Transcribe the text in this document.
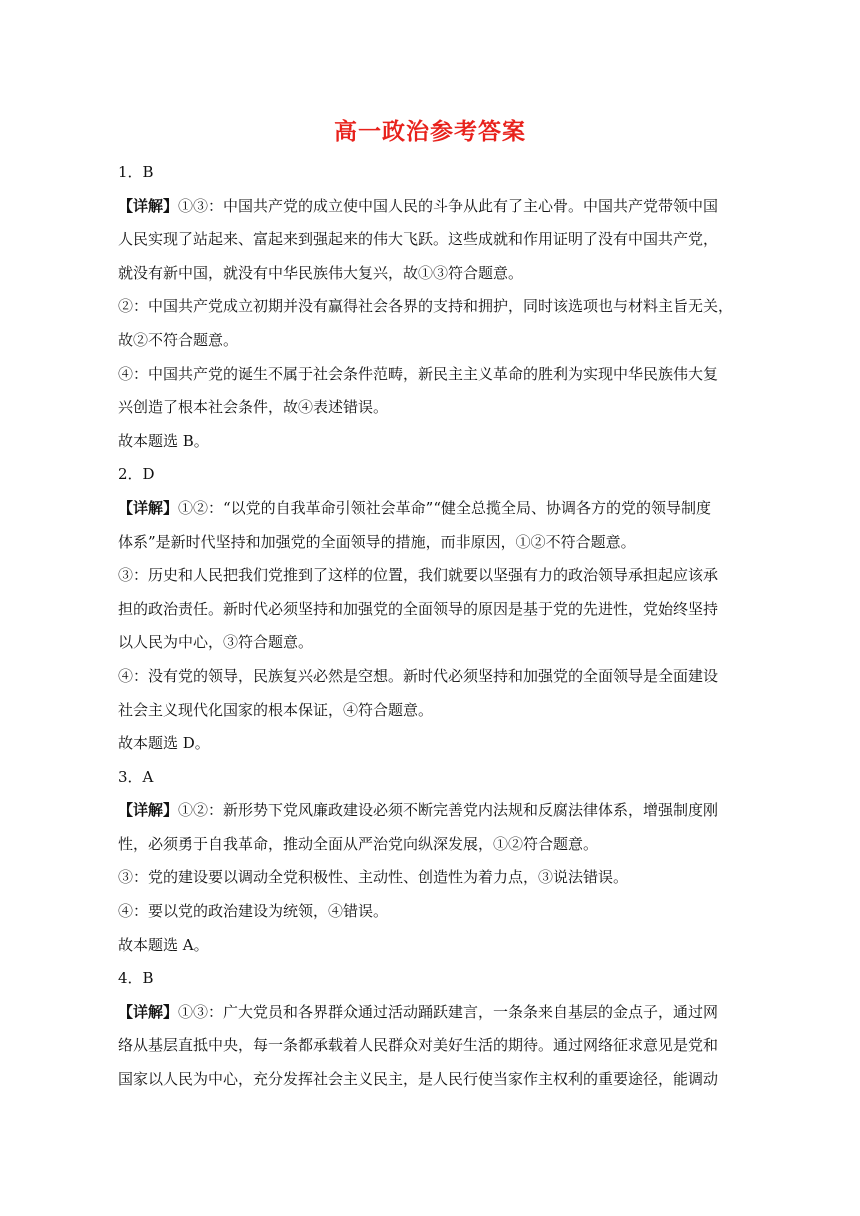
高一政治参考答案
1．B
【详解】①③：中国共产党的成立使中国人民的斗争从此有了主心骨。中国共产党带领中国
人民实现了站起来、富起来到强起来的伟大飞跃。这些成就和作用证明了没有中国共产党，
就没有新中国，就没有中华民族伟大复兴，故①③符合题意。
②：中国共产党成立初期并没有赢得社会各界的支持和拥护，同时该选项也与材料主旨无关，
故②不符合题意。
④：中国共产党的诞生不属于社会条件范畴，新民主主义革命的胜利为实现中华民族伟大复
兴创造了根本社会条件，故④表述错误。
故本题选 B。
2．D
【详解】①②：“以党的自我革命引领社会革命”“健全总揽全局、协调各方的党的领导制度
体系”是新时代坚持和加强党的全面领导的措施，而非原因，①②不符合题意。
③：历史和人民把我们党推到了这样的位置，我们就要以坚强有力的政治领导承担起应该承
担的政治责任。新时代必须坚持和加强党的全面领导的原因是基于党的先进性，党始终坚持
以人民为中心，③符合题意。
④：没有党的领导，民族复兴必然是空想。新时代必须坚持和加强党的全面领导是全面建设
社会主义现代化国家的根本保证，④符合题意。
故本题选 D。
3．A
【详解】①②：新形势下党风廉政建设必须不断完善党内法规和反腐法律体系，增强制度刚
性，必须勇于自我革命，推动全面从严治党向纵深发展，①②符合题意。
③：党的建设要以调动全党积极性、主动性、创造性为着力点，③说法错误。
④：要以党的政治建设为统领，④错误。
故本题选 A。
4．B
【详解】①③：广大党员和各界群众通过活动踊跃建言，一条条来自基层的金点子，通过网
络从基层直抵中央，每一条都承载着人民群众对美好生活的期待。通过网络征求意见是党和
国家以人民为中心，充分发挥社会主义民主，是人民行使当家作主权利的重要途径，能调动
